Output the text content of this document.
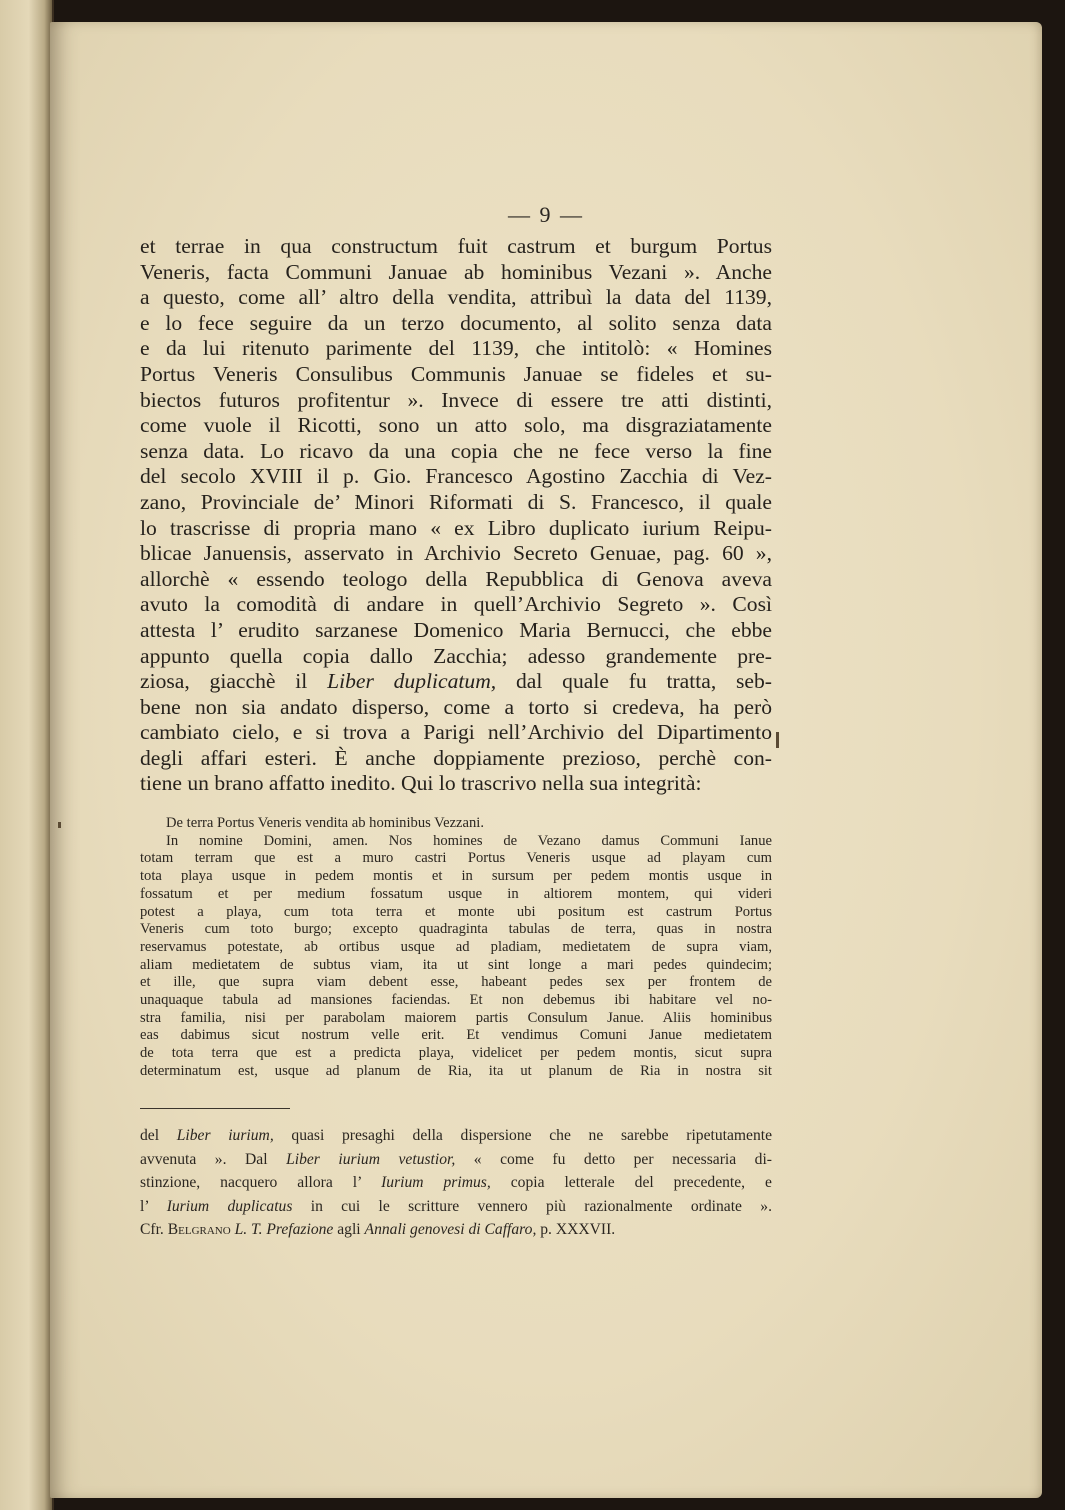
— 9 —
et terrae in qua constructum fuit castrum et burgum Portus
Veneris, facta Communi Januae ab hominibus Vezani ». Anche
a questo, come all’ altro della vendita, attribuì la data del 1139,
e lo fece seguire da un terzo documento, al solito senza data
e da lui ritenuto parimente del 1139, che intitolò: « Homines
Portus Veneris Consulibus Communis Januae se fideles et su-
biectos futuros profitentur ». Invece di essere tre atti distinti,
come vuole il Ricotti, sono un atto solo, ma disgraziatamente
senza data. Lo ricavo da una copia che ne fece verso la fine
del secolo XVIII il p. Gio. Francesco Agostino Zacchia di Vez-
zano, Provinciale de’ Minori Riformati di S. Francesco, il quale
lo trascrisse di propria mano « ex Libro duplicato iurium Reipu-
blicae Januensis, asservato in Archivio Secreto Genuae, pag. 60 »,
allorchè « essendo teologo della Repubblica di Genova aveva
avuto la comodità di andare in quell’Archivio Segreto ». Così
attesta l’ erudito sarzanese Domenico Maria Bernucci, che ebbe
appunto quella copia dallo Zacchia; adesso grandemente pre-
ziosa, giacchè il Liber duplicatum, dal quale fu tratta, seb-
bene non sia andato disperso, come a torto si credeva, ha però
cambiato cielo, e si trova a Parigi nell’Archivio del Dipartimento
degli affari esteri. È anche doppiamente prezioso, perchè con-
tiene un brano affatto inedito. Qui lo trascrivo nella sua integrità:
De terra Portus Veneris vendita ab hominibus Vezzani.
In nomine Domini, amen. Nos homines de Vezano damus Communi Ianue
totam terram que est a muro castri Portus Veneris usque ad playam cum
tota playa usque in pedem montis et in sursum per pedem montis usque in
fossatum et per medium fossatum usque in altiorem montem, qui videri
potest a playa, cum tota terra et monte ubi positum est castrum Portus
Veneris cum toto burgo; excepto quadraginta tabulas de terra, quas in nostra
reservamus potestate, ab ortibus usque ad pladiam, medietatem de supra viam,
aliam medietatem de subtus viam, ita ut sint longe a mari pedes quindecim;
et ille, que supra viam debent esse, habeant pedes sex per frontem de
unaquaque tabula ad mansiones faciendas. Et non debemus ibi habitare vel no-
stra familia, nisi per parabolam maiorem partis Consulum Janue. Aliis hominibus
eas dabimus sicut nostrum velle erit. Et vendimus Comuni Janue medietatem
de tota terra que est a predicta playa, videlicet per pedem montis, sicut supra
determinatum est, usque ad planum de Ria, ita ut planum de Ria in nostra sit
del Liber iurium, quasi presaghi della dispersione che ne sarebbe ripetutamente
avvenuta ». Dal Liber iurium vetustior, « come fu detto per necessaria di-
stinzione, nacquero allora l’ Iurium primus, copia letterale del precedente, e
l’ Iurium duplicatus in cui le scritture vennero più razionalmente ordinate ».
Cfr. Belgrano L. T. Prefazione agli Annali genovesi di Caffaro, p. XXXVII.
